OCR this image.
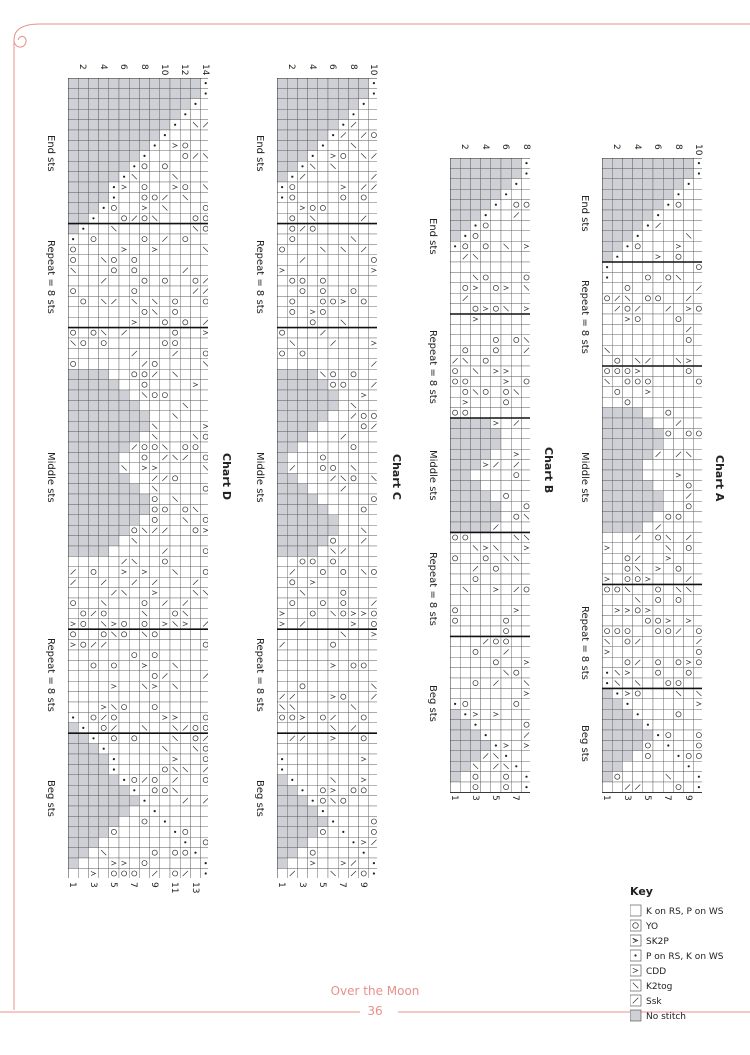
Chart A
Chart B
Chart C
Chart D
End sts
Repeat = 8 sts
Middle sts
Repeat = 8 sts
Beg sts
End sts
Repeat = 8 sts
Middle sts
Repeat = 8 sts
Beg sts
End sts
Repeat = 8 sts
Middle sts
Repeat = 8 sts
Beg sts
End sts
Repeat = 8 sts
Middle sts
Repeat = 8 sts
Beg sts
Key
K on RS, P on WS
YO
SK2P
P on RS, K on WS
CDD
K2tog
Ssk
No stitch
Over the Moon
36
10
8
6
4
2
1 3 5 7 9
8
6
4
2
1 3 5 7
10
8
6
4
2
1 3 5 7 9
14
12
10
8
6
4
2
1 3 5 7 9 11 13
